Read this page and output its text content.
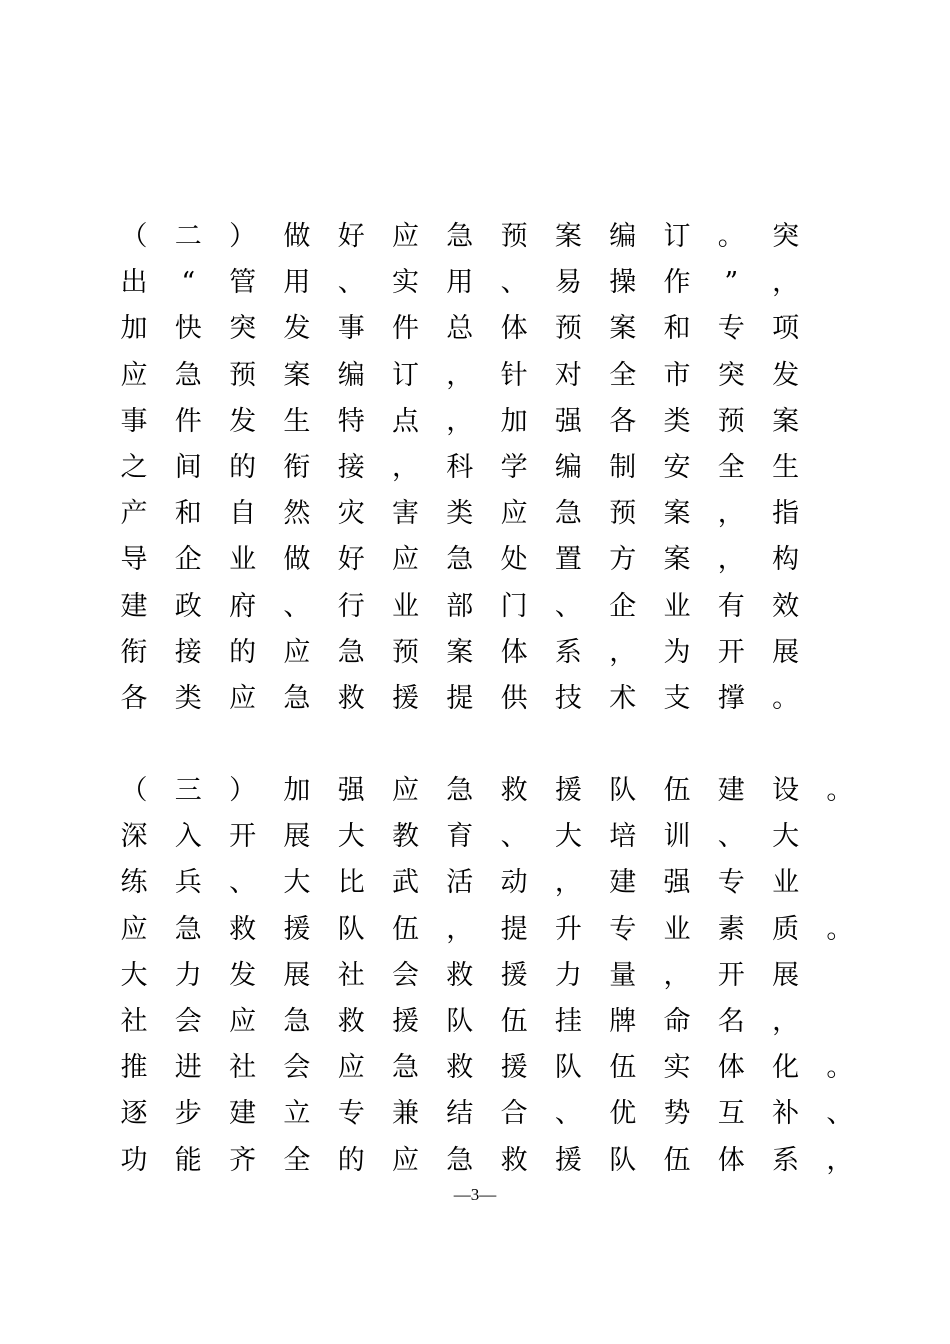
（	二	）	做	好	应	急	预	案	编	订	。	突
出	“	管	用	、	实	用	、	易	操	作	”	，
加	快	突	发	事	件	总	体	预	案	和	专	项
应	急	预	案	编	订	，	针	对	全	市	突	发
事	件	发	生	特	点	，	加	强	各	类	预	案
之	间	的	衔	接	，	科	学	编	制	安	全	生
产	和	自	然	灾	害	类	应	急	预	案	，	指
导	企	业	做	好	应	急	处	置	方	案	，	构
建	政	府	、	行	业	部	门	、	企	业	有	效
衔	接	的	应	急	预	案	体	系	，	为	开	展
各	类	应	急	救	援	提	供	技	术	支	撑	。
（	三	）	加	强	应	急	救	援	队	伍	建	设	。
深	入	开	展	大	教	育	、	大	培	训	、	大
练	兵	、	大	比	武	活	动	，	建	强	专	业
应	急	救	援	队	伍	，	提	升	专	业	素	质	。
大	力	发	展	社	会	救	援	力	量	，	开	展
社	会	应	急	救	援	队	伍	挂	牌	命	名	，
推	进	社	会	应	急	救	援	队	伍	实	体	化	。
逐	步	建	立	专	兼	结	合	、	优	势	互	补	、
功	能	齐	全	的	应	急	救	援	队	伍	体	系	，
—3—
